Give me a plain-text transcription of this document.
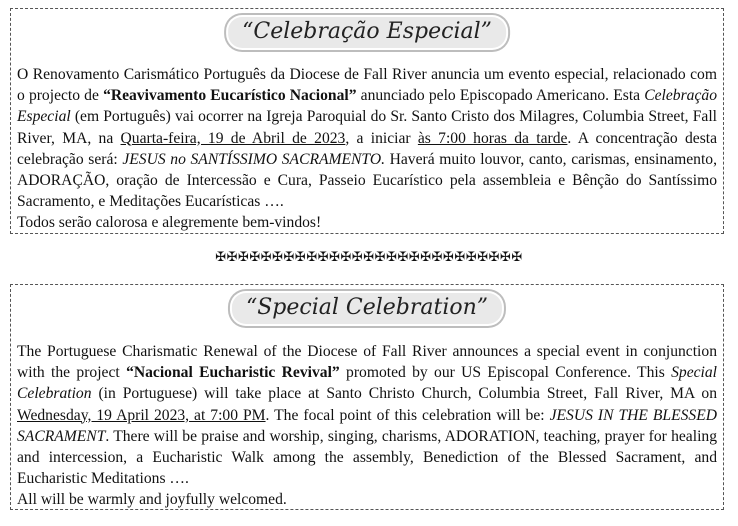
“Celebração Especial”
O Renovamento Carismático Português da Diocese de Fall River anuncia um evento especial, relacionado com o projecto de “Reavivamento Eucarístico Nacional” anunciado pelo Episcopado Americano. Esta Celebração Especial (em Português) vai ocorrer na Igreja Paroquial do Sr. Santo Cristo dos Milagres, Columbia Street, Fall River, MA, na Quarta-feira, 19 de Abril de 2023, a iniciar às 7:00 horas da tarde. A concentração desta celebração será: JESUS no SANTÍSSIMO SACRAMENTO. Haverá muito louvor, canto, carismas, ensinamento, ADORAÇÃO, oração de Intercessão e Cura, Passeio Eucarístico pela assembleia e Bênção do Santíssimo Sacramento, e Meditações Eucarísticas ….
Todos serão calorosa e alegremente bem-vindos!
✠✠✠✠✠✠✠✠✠✠✠✠✠✠✠✠✠✠✠✠✠✠✠✠✠✠✠
“Special Celebration”
The Portuguese Charismatic Renewal of the Diocese of Fall River announces a special event in conjunction with the project “Nacional Eucharistic Revival” promoted by our US Episcopal Conference. This Special Celebration (in Portuguese) will take place at Santo Christo Church, Columbia Street, Fall River, MA on Wednesday, 19 April 2023, at 7:00 PM. The focal point of this celebration will be: JESUS IN THE BLESSED SACRAMENT. There will be praise and worship, singing, charisms, ADORATION, teaching, prayer for healing and intercession, a Eucharistic Walk among the assembly, Benediction of the Blessed Sacrament, and Eucharistic Meditations ….
All will be warmly and joyfully welcomed.
